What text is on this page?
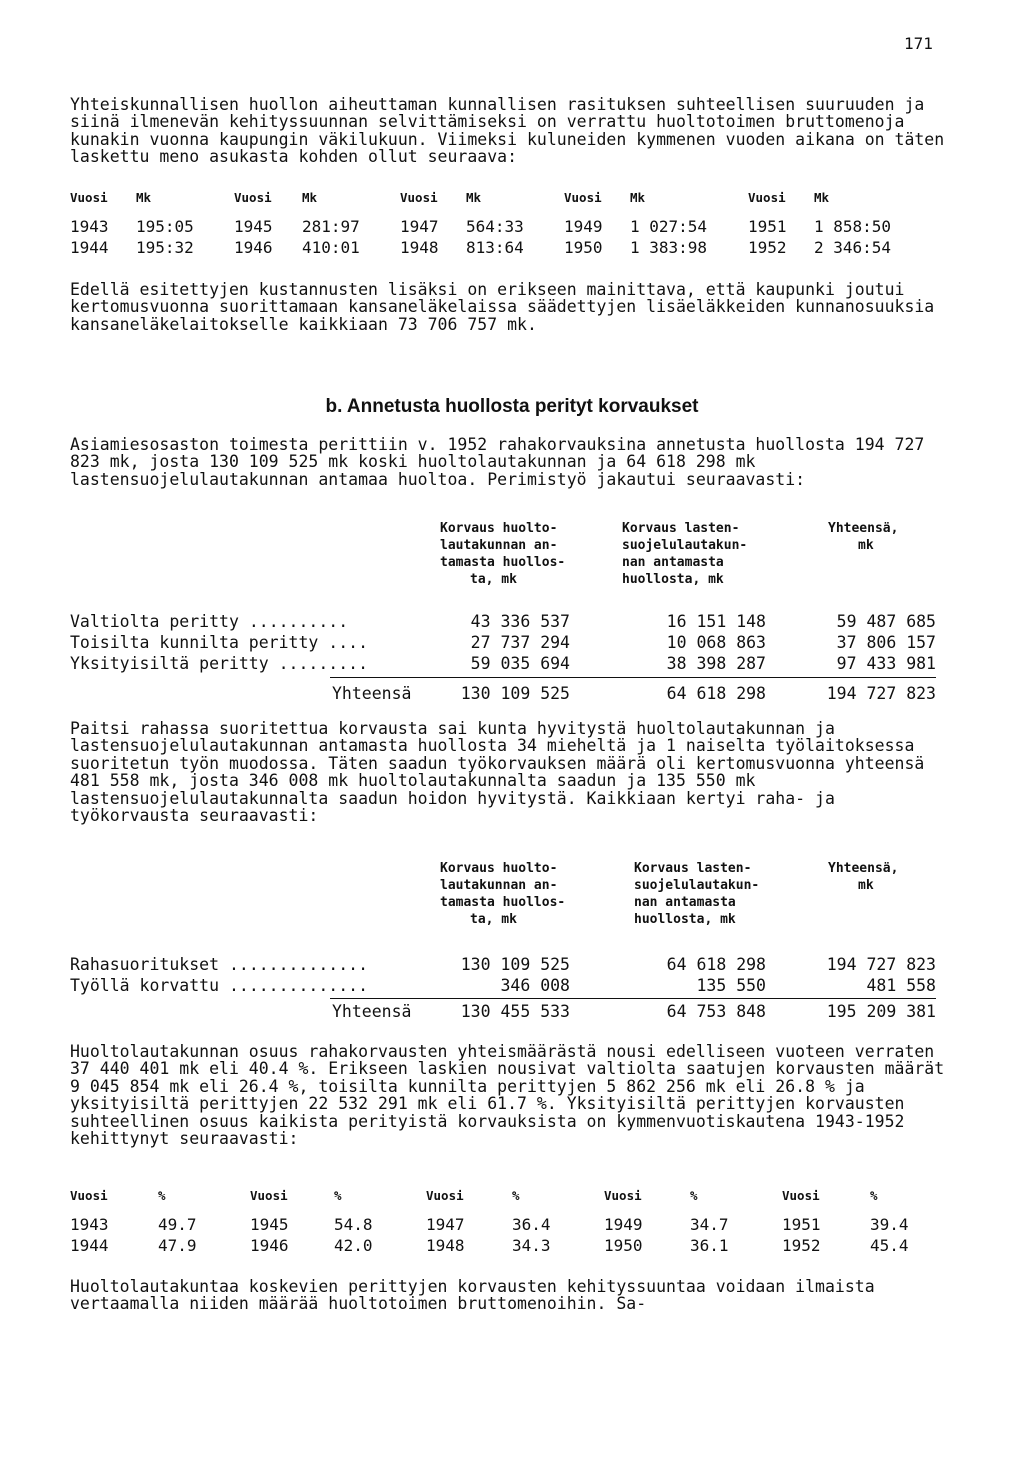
171

Yhteiskunnallisen huollon aiheuttaman kunnallisen rasituksen suhteellisen suuruuden ja siinä ilmenevän kehityssuunnan selvittämiseksi on verrattu huoltotoimen bruttomenoja kunakin vuonna kaupungin väkilukuun. Viimeksi kuluneiden kymmenen vuoden aikana on täten laskettu meno asukasta kohden ollut seuraava:

Vuosi	Mk	Vuosi	Mk	Vuosi	Mk	Vuosi	Mk	Vuosi	Mk
1943	195:05	1945	281:97	1947	564:33	1949	1 027:54	1951	1 858:50
1944	195:32	1946	410:01	1948	813:64	1950	1 383:98	1952	2 346:54

Edellä esitettyjen kustannusten lisäksi on erikseen mainittava, että kaupunki joutui kertomusvuonna suorittamaan kansaneläkelaissa säädettyjen lisäeläkkeiden kunnanosuuksia kansaneläkelaitokselle kaikkiaan 73 706 757 mk.

b. Annetusta huollosta perityt korvaukset

Asiamiesosaston toimesta perittiin v. 1952 rahakorvauksina annetusta huollosta 194 727 823 mk, josta 130 109 525 mk koski huoltolautakunnan ja 64 618 298 mk lastensuojelulautakunnan antamaa huoltoa. Perimistyö jakautui seuraavasti:

Korvaus huolto-
lautakunnan an-
tamasta huollos-
ta, mk
Korvaus lasten-
suojelulautakun-
nan antamasta
huollosta, mk
Yhteensä,
mk
Valtiolta peritty ..........	43 336 537	16 151 148	59 487 685
Toisilta kunnilta peritty ....	27 737 294	10 068 863	37 806 157
Yksityisiltä peritty .........	59 035 694	38 398 287	97 433 981
Yhteensä	130 109 525	64 618 298	194 727 823

Paitsi rahassa suoritettua korvausta sai kunta hyvitystä huoltolautakunnan ja lastensuojelulautakunnan antamasta huollosta 34 mieheltä ja 1 naiselta työlaitoksessa suoritetun työn muodossa. Täten saadun työkorvauksen määrä oli kertomusvuonna yhteensä 481 558 mk, josta 346 008 mk huoltolautakunnalta saadun ja 135 550 mk lastensuojelulautakunnalta saadun hoidon hyvitystä. Kaikkiaan kertyi raha- ja työkorvausta seuraavasti:

Korvaus huolto-
lautakunnan an-
tamasta huollos-
ta, mk
Korvaus lasten-
suojelulautakun-
nan antamasta
huollosta, mk
Yhteensä,
mk
Rahasuoritukset ..............	130 109 525	64 618 298	194 727 823
Työllä korvattu ..............	346 008	135 550	481 558
Yhteensä	130 455 533	64 753 848	195 209 381

Huoltolautakunnan osuus rahakorvausten yhteismäärästä nousi edelliseen vuoteen verraten 37 440 401 mk eli 40.4 %. Erikseen laskien nousivat valtiolta saatujen korvausten määrät 9 045 854 mk eli 26.4 %, toisilta kunnilta perittyjen 5 862 256 mk eli 26.8 % ja yksityisiltä perittyjen 22 532 291 mk eli 61.7 %. Yksityisiltä perittyjen korvausten suhteellinen osuus kaikista perityistä korvauksista on kymmenvuotiskautena 1943-1952 kehittynyt seuraavasti:

Vuosi	%	Vuosi	%	Vuosi	%	Vuosi	%	Vuosi	%
1943	49.7	1945	54.8	1947	36.4	1949	34.7	1951	39.4
1944	47.9	1946	42.0	1948	34.3	1950	36.1	1952	45.4

Huoltolautakuntaa koskevien perittyjen korvausten kehityssuuntaa voidaan ilmaista vertaamalla niiden määrää huoltotoimen bruttomenoihin. Sa-
